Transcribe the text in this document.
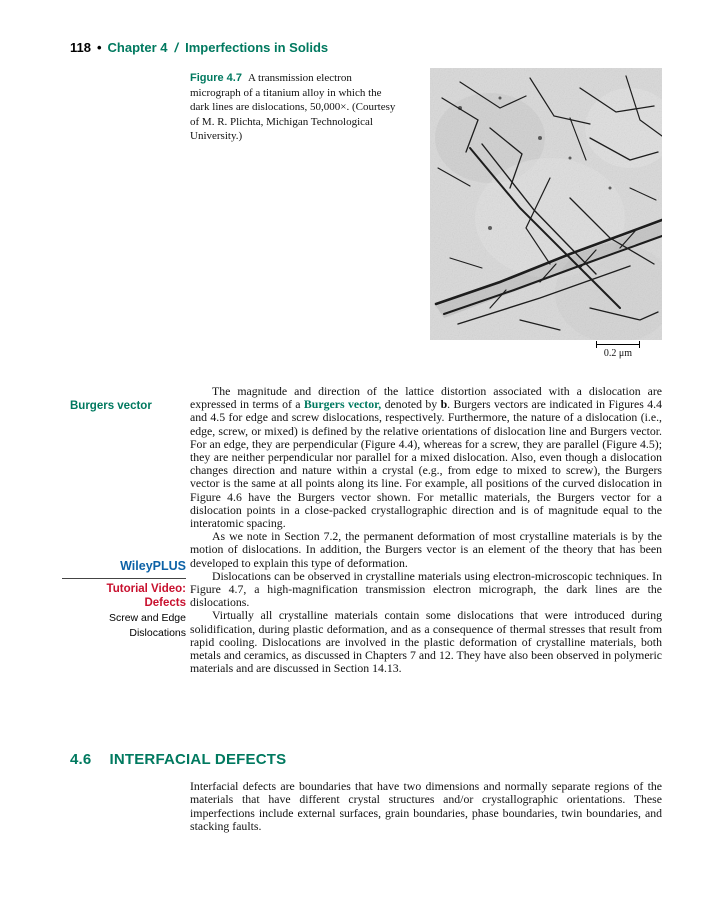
118 • Chapter 4 / Imperfections in Solids
Figure 4.7 A transmission electron micrograph of a titanium alloy in which the dark lines are dislocations, 50,000×. (Courtesy of M. R. Plichta, Michigan Technological University.)
0.2 μm
Burgers vector
WileyPLUS
Tutorial Video:
Defects
Screw and Edge
Dislocations

The magnitude and direction of the lattice distortion associated with a dislocation are expressed in terms of a Burgers vector, denoted by b. Burgers vectors are indicated in Figures 4.4 and 4.5 for edge and screw dislocations, respectively. Furthermore, the nature of a dislocation (i.e., edge, screw, or mixed) is defined by the relative orientations of dislocation line and Burgers vector. For an edge, they are perpendicular (Figure 4.4), whereas for a screw, they are parallel (Figure 4.5); they are neither perpendicular nor parallel for a mixed dislocation. Also, even though a dislocation changes direction and nature within a crystal (e.g., from edge to mixed to screw), the Burgers vector is the same at all points along its line. For example, all positions of the curved dislocation in Figure 4.6 have the Burgers vector shown. For metallic materials, the Burgers vector for a dislocation points in a close-packed crystallographic direction and is of magnitude equal to the interatomic spacing.

As we note in Section 7.2, the permanent deformation of most crystalline materials is by the motion of dislocations. In addition, the Burgers vector is an element of the theory that has been developed to explain this type of deformation.

Dislocations can be observed in crystalline materials using electron-microscopic techniques. In Figure 4.7, a high-magnification transmission electron micrograph, the dark lines are the dislocations.

Virtually all crystalline materials contain some dislocations that were introduced during solidification, during plastic deformation, and as a consequence of thermal stresses that result from rapid cooling. Dislocations are involved in the plastic deformation of crystalline materials, both metals and ceramics, as discussed in Chapters 7 and 12. They have also been observed in polymeric materials and are discussed in Section 14.13.

4.6 INTERFACIAL DEFECTS
Interfacial defects are boundaries that have two dimensions and normally separate regions of the materials that have different crystal structures and/or crystallographic orientations. These imperfections include external surfaces, grain boundaries, phase boundaries, twin boundaries, and stacking faults.
